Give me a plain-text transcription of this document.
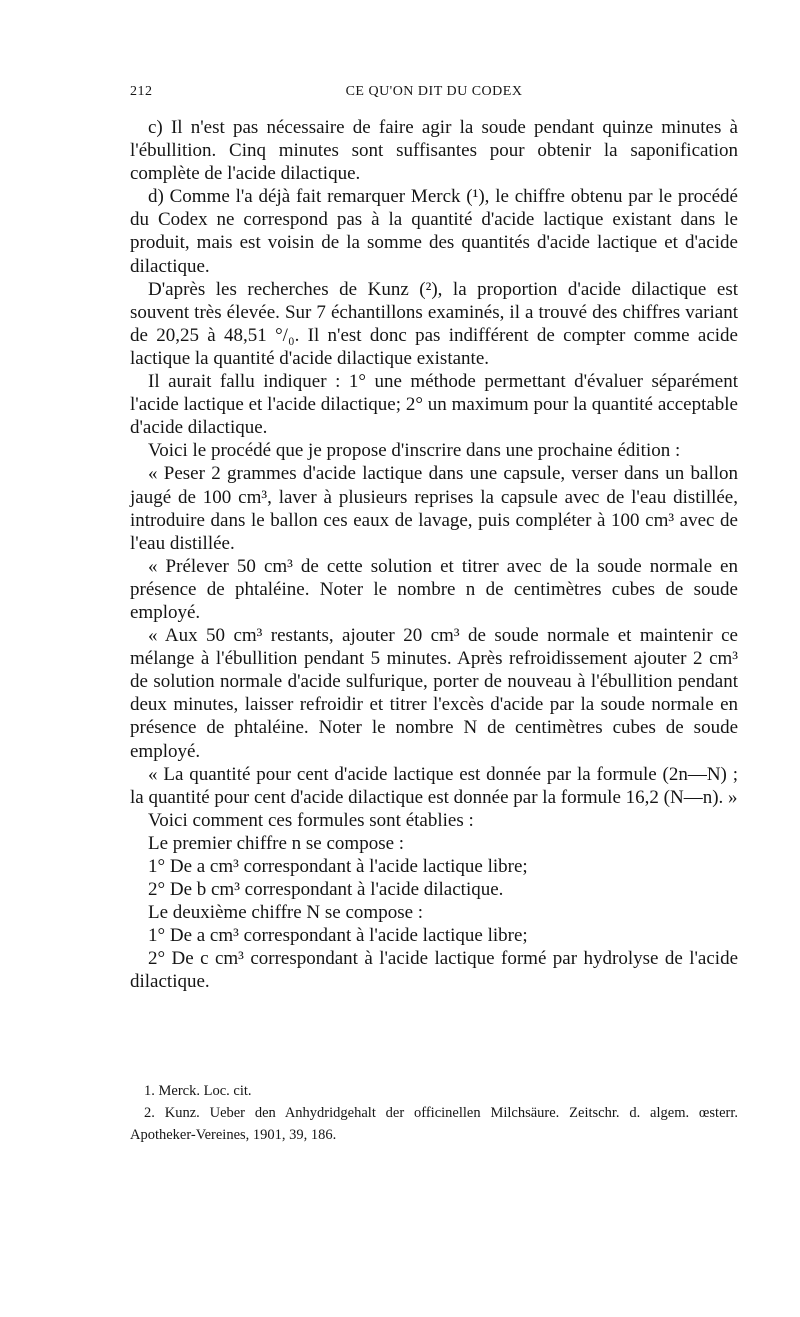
212	CE QU'ON DIT DU CODEX

c) Il n'est pas nécessaire de faire agir la soude pendant quinze minutes à l'ébullition. Cinq minutes sont suffisantes pour obtenir la saponification complète de l'acide dilactique.

d) Comme l'a déjà fait remarquer Merck (¹), le chiffre obtenu par le procédé du Codex ne correspond pas à la quantité d'acide lactique existant dans le produit, mais est voisin de la somme des quantités d'acide lactique et d'acide dilactique.

D'après les recherches de Kunz (²), la proportion d'acide dilactique est souvent très élevée. Sur 7 échantillons examinés, il a trouvé des chiffres variant de 20,25 à 48,51 °/₀. Il n'est donc pas indifférent de compter comme acide lactique la quantité d'acide dilactique existante.

Il aurait fallu indiquer : 1° une méthode permettant d'évaluer séparément l'acide lactique et l'acide dilactique; 2° un maximum pour la quantité acceptable d'acide dilactique.

Voici le procédé que je propose d'inscrire dans une prochaine édition :

« Peser 2 grammes d'acide lactique dans une capsule, verser dans un ballon jaugé de 100 cm³, laver à plusieurs reprises la capsule avec de l'eau distillée, introduire dans le ballon ces eaux de lavage, puis compléter à 100 cm³ avec de l'eau distillée.

« Prélever 50 cm³ de cette solution et titrer avec de la soude normale en présence de phtaléine. Noter le nombre n de centimètres cubes de soude employé.

« Aux 50 cm³ restants, ajouter 20 cm³ de soude normale et maintenir ce mélange à l'ébullition pendant 5 minutes. Après refroidissement ajouter 2 cm³ de solution normale d'acide sulfurique, porter de nouveau à l'ébullition pendant deux minutes, laisser refroidir et titrer l'excès d'acide par la soude normale en présence de phtaléine. Noter le nombre N de centimètres cubes de soude employé.

« La quantité pour cent d'acide lactique est donnée par la formule (2n—N) ; la quantité pour cent d'acide dilactique est donnée par la formule 16,2 (N—n). »

Voici comment ces formules sont établies :

Le premier chiffre n se compose :

1° De a cm³ correspondant à l'acide lactique libre;

2° De b cm³ correspondant à l'acide dilactique.

Le deuxième chiffre N se compose :

1° De a cm³ correspondant à l'acide lactique libre;

2° De c cm³ correspondant à l'acide lactique formé par hydrolyse de l'acide dilactique.

1. Merck. Loc. cit.

2. Kunz. Ueber den Anhydridgehalt der officinellen Milchsäure. Zeitschr. d. algem. œsterr. Apotheker-Vereines, 1901, 39, 186.
